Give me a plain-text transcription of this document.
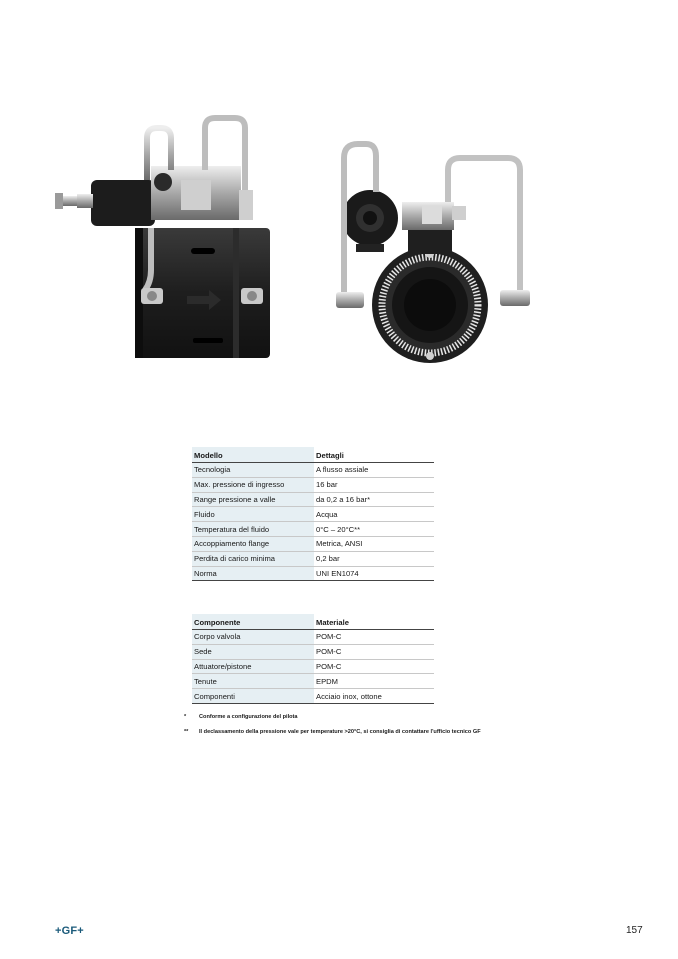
Modello	Dettagli
Tecnologia	A flusso assiale
Max. pressione di ingresso	16 bar
Range pressione a valle	da 0,2 a 16 bar*
Fluido	Acqua
Temperatura del fluido	0°C – 20°C**
Accoppiamento flange	Metrica, ANSI
Perdita di carico minima	0,2 bar
Norma	UNI EN1074
Componente	Materiale
Corpo valvola	POM-C
Sede	POM-C
Attuatore/pistone	POM-C
Tenute	EPDM
Componenti	Acciaio inox, ottone
* Conforme a configurazione del pilota
** Il declassamento della pressione vale per temperature >20°C, si consiglia di contattare l'ufficio tecnico GF
+GF+	157
